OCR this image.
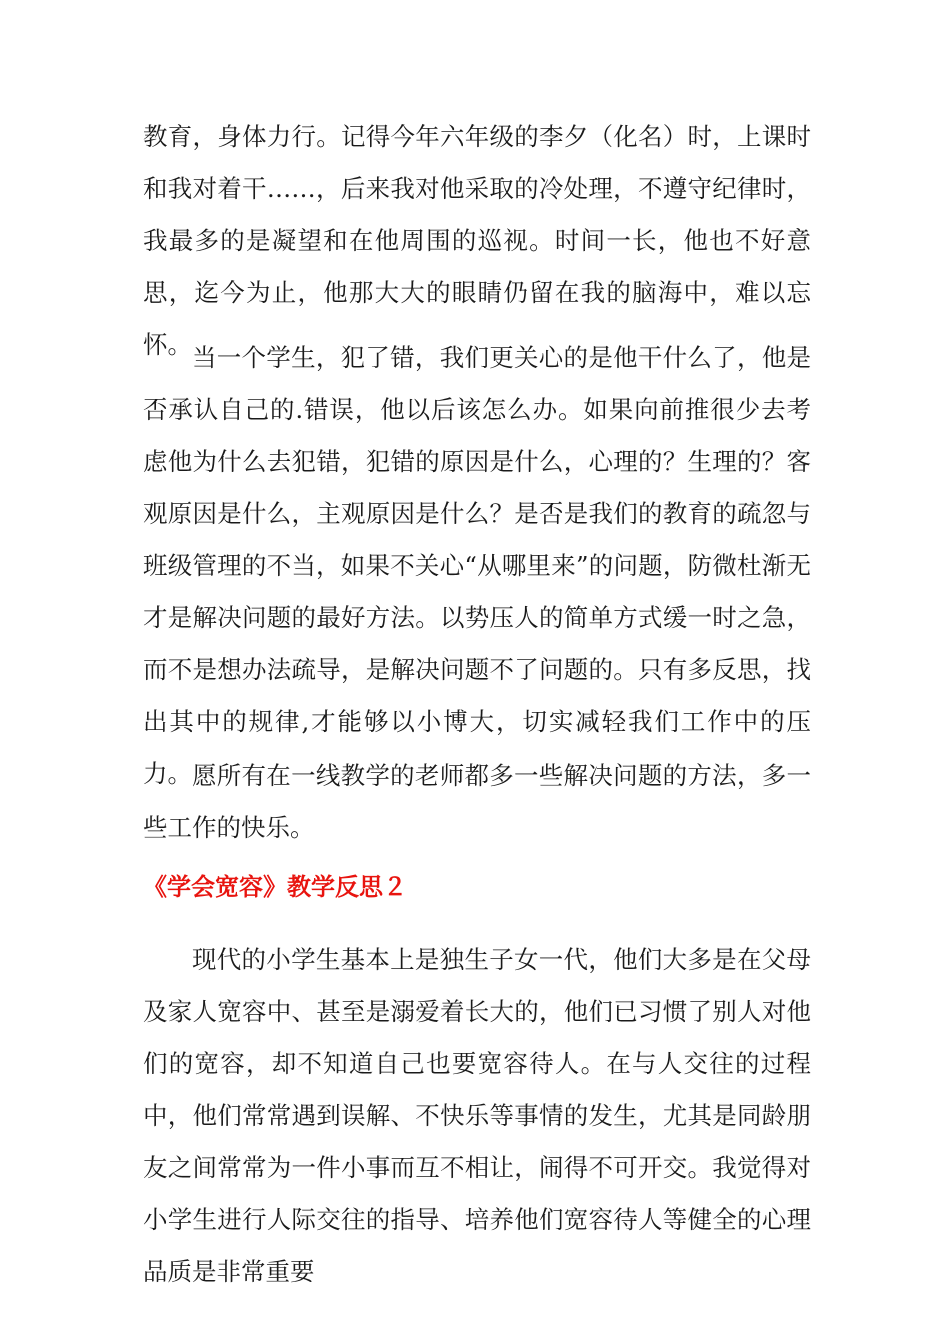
教育，身体力行。记得今年六年级的李夕（化名）时，上课时和我对着干……，后来我对他采取的冷处理，不遵守纪律时，我最多的是凝望和在他周围的巡视。时间一长，他也不好意思，迄今为止，他那大大的眼睛仍留在我的脑海中，难以忘怀。 当一个学生，犯了错，我们更关心的是他干什么了，他是否承认自己的.错误，他以后该怎么办。如果向前推很少去考虑他为什么去犯错，犯错的原因是什么，心理的？生理的？客观原因是什么，主观原因是什么？是否是我们的教育的疏忽与班级管理的不当，如果不关心“从哪里来”的问题，防微杜渐无才是解决问题的最好方法。以势压人的简单方式缓一时之急，而不是想办法疏导，是解决问题不了问题的。只有多反思，找出其中的规律,才能够以小博大，切实减轻我们工作中的压力。 愿所有在一线教学的老师都多一些解决问题的方法，多一些工作的快乐。

《学会宽容》教学反思２

现代的小学生基本上是独生子女一代，他们大多是在父母及家人宽容中、甚至是溺爱着长大的，他们已习惯了别人对他们的宽容，却不知道自己也要宽容待人。在与人交往的过程中，他们常常遇到误解、不快乐等事情的发生，尤其是同龄朋友之间常常为一件小事而互不相让，闹得不可开交。我觉得对小学生进行人际交往的指导、培养他们宽容待人等健全的心理品质是非常重要
